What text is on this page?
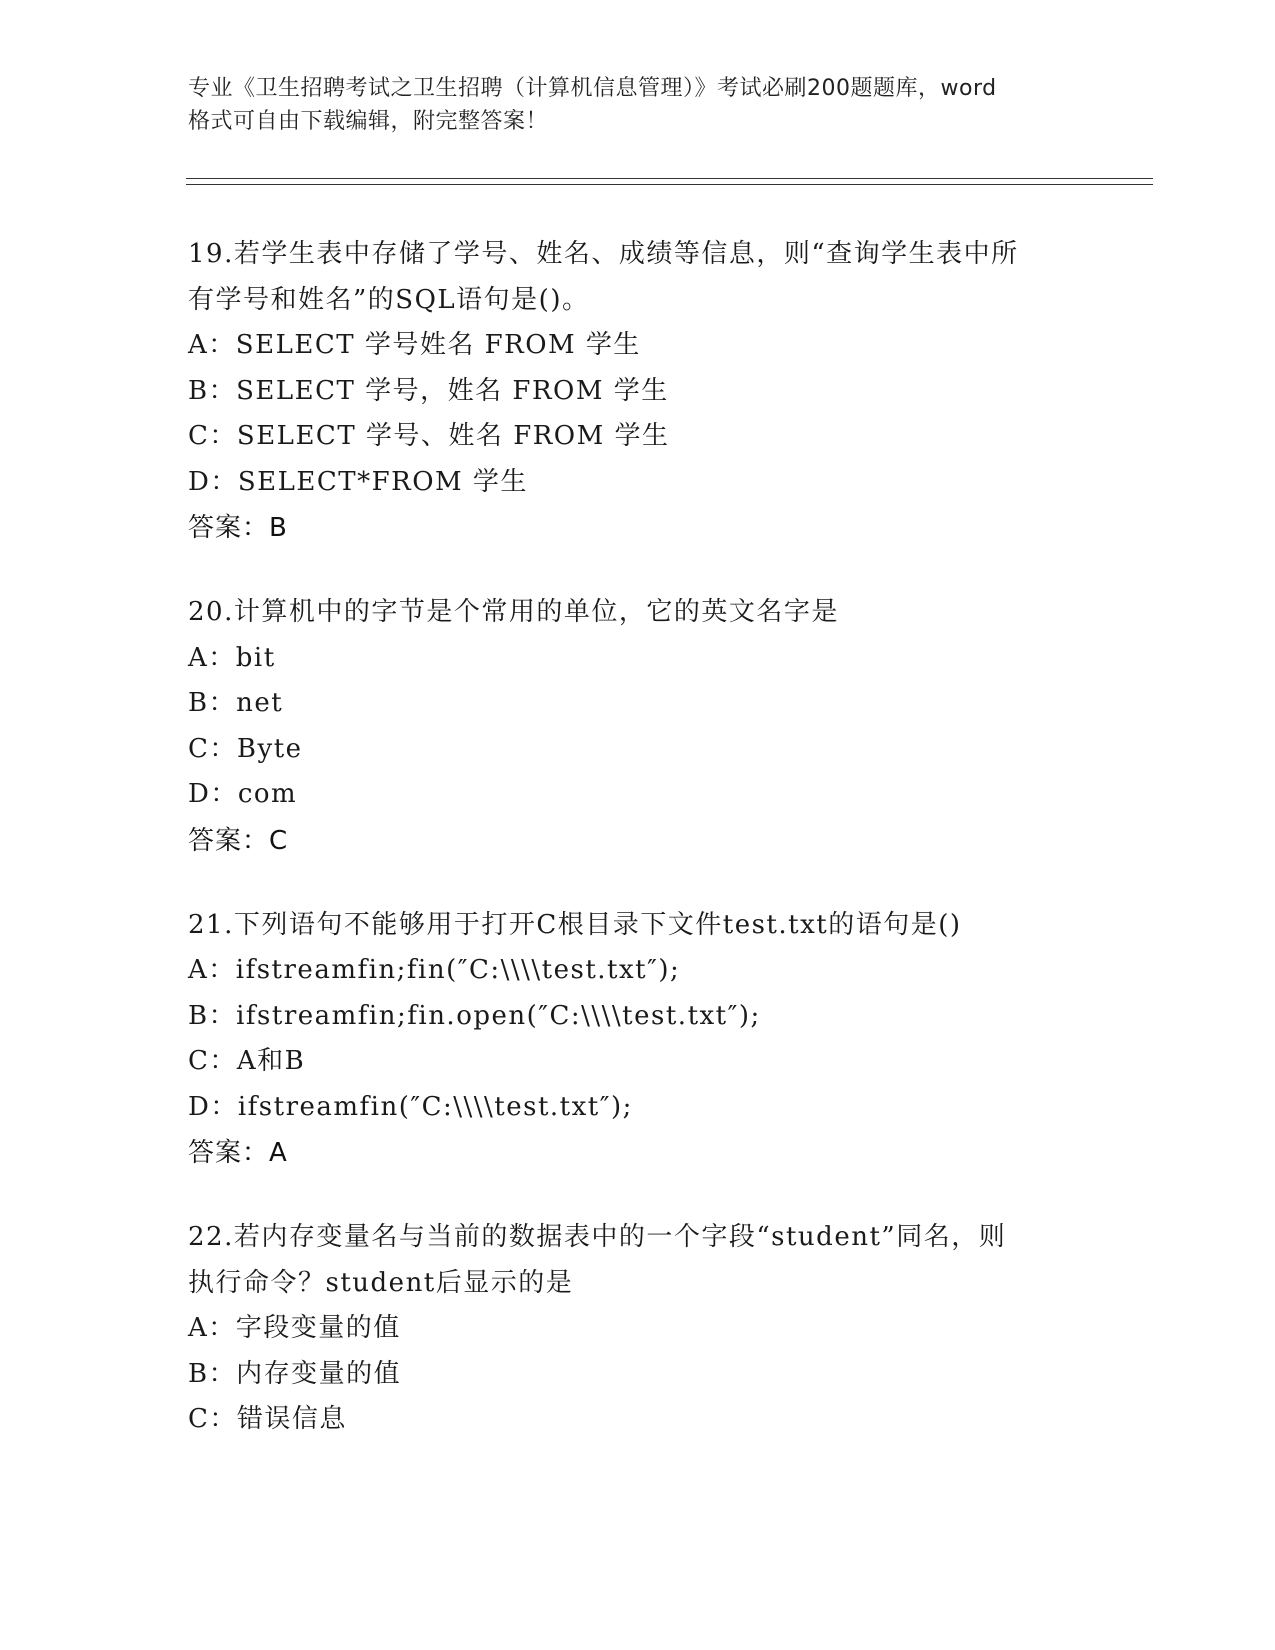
专业《卫生招聘考试之卫生招聘（计算机信息管理）》考试必刷200题题库，word
格式可自由下载编辑，附完整答案！
19.若学生表中存储了学号、姓名、成绩等信息，则“查询学生表中所
有学号和姓名”的SQL语句是()。
A：SELECT 学号姓名 FROM 学生
B：SELECT 学号，姓名 FROM 学生
C：SELECT 学号、姓名 FROM 学生
D：SELECT*FROM 学生
答案：B
20.计算机中的字节是个常用的单位，它的英文名字是
A：bit
B：net
C：Byte
D：com
答案：C
21.下列语句不能够用于打开C根目录下文件test.txt的语句是()
A：ifstreamfin;fin(″C:\\\\test.txt″);
B：ifstreamfin;fin.open(″C:\\\\test.txt″);
C：A和B
D：ifstreamfin(″C:\\\\test.txt″);
答案：A
22.若内存变量名与当前的数据表中的一个字段“student”同名，则
执行命令？student后显示的是
A：字段变量的值
B：内存变量的值
C：错误信息
